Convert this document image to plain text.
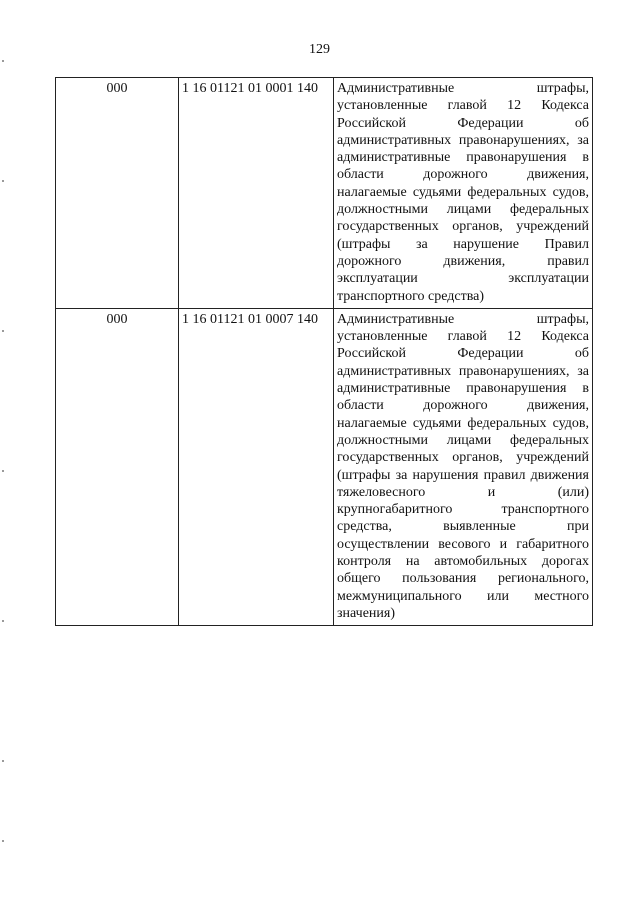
129
000	1 16 01121 01 0001 140	Административные штрафы, установленные главой 12 Кодекса Российской Федерации об административных правонарушениях, за административные правонарушения в области дорожного движения, налагаемые судьями федеральных судов, должностными лицами федеральных государственных органов, учреждений (штрафы за нарушение Правил дорожного движения, правил эксплуатации эксплуатации транспортного средства)

000	1 16 01121 01 0007 140	Административные штрафы, установленные главой 12 Кодекса Российской Федерации об административных правонарушениях, за административные правонарушения в области дорожного движения, налагаемые судьями федеральных судов, должностными лицами федеральных государственных органов, учреждений (штрафы за нарушения правил движения тяжеловесного и (или) крупногабаритного транспортного средства, выявленные при осуществлении весового и габаритного контроля на автомобильных дорогах общего пользования регионального, межмуниципального или местного значения)
